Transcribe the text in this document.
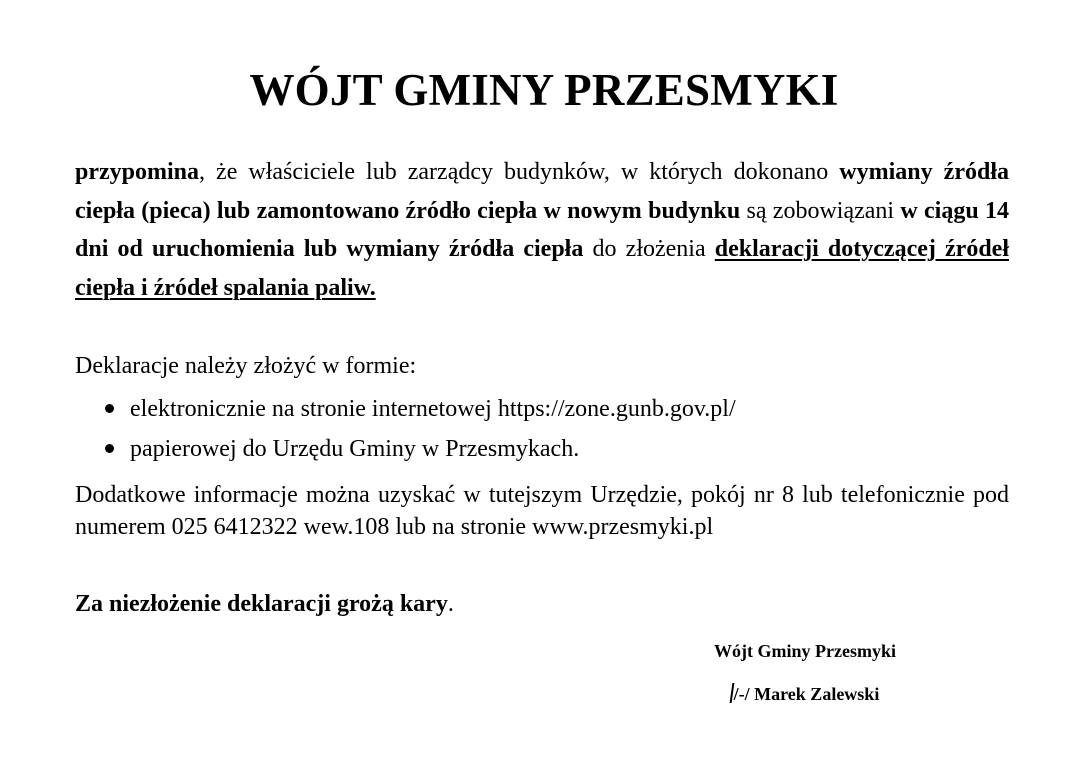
WÓJT GMINY PRZESMYKI
przypomina, że właściciele lub zarządcy budynków, w których dokonano wymiany źródła ciepła (pieca) lub zamontowano źródło ciepła w nowym budynku są zobowiązani w ciągu 14 dni od uruchomienia lub wymiany źródła ciepła do złożenia deklaracji dotyczącej źródeł ciepła i źródeł spalania paliw.
Deklaracje należy złożyć w formie:
elektronicznie na stronie internetowej https://zone.gunb.gov.pl/
papierowej do Urzędu Gminy w Przesmykach.
Dodatkowe informacje można uzyskać w tutejszym Urzędzie, pokój nr 8 lub telefonicznie pod numerem 025 6412322 wew.108 lub na stronie www.przesmyki.pl
Za niezłożenie deklaracji grożą kary.
Wójt Gminy Przesmyki
/-/ Marek Zalewski
